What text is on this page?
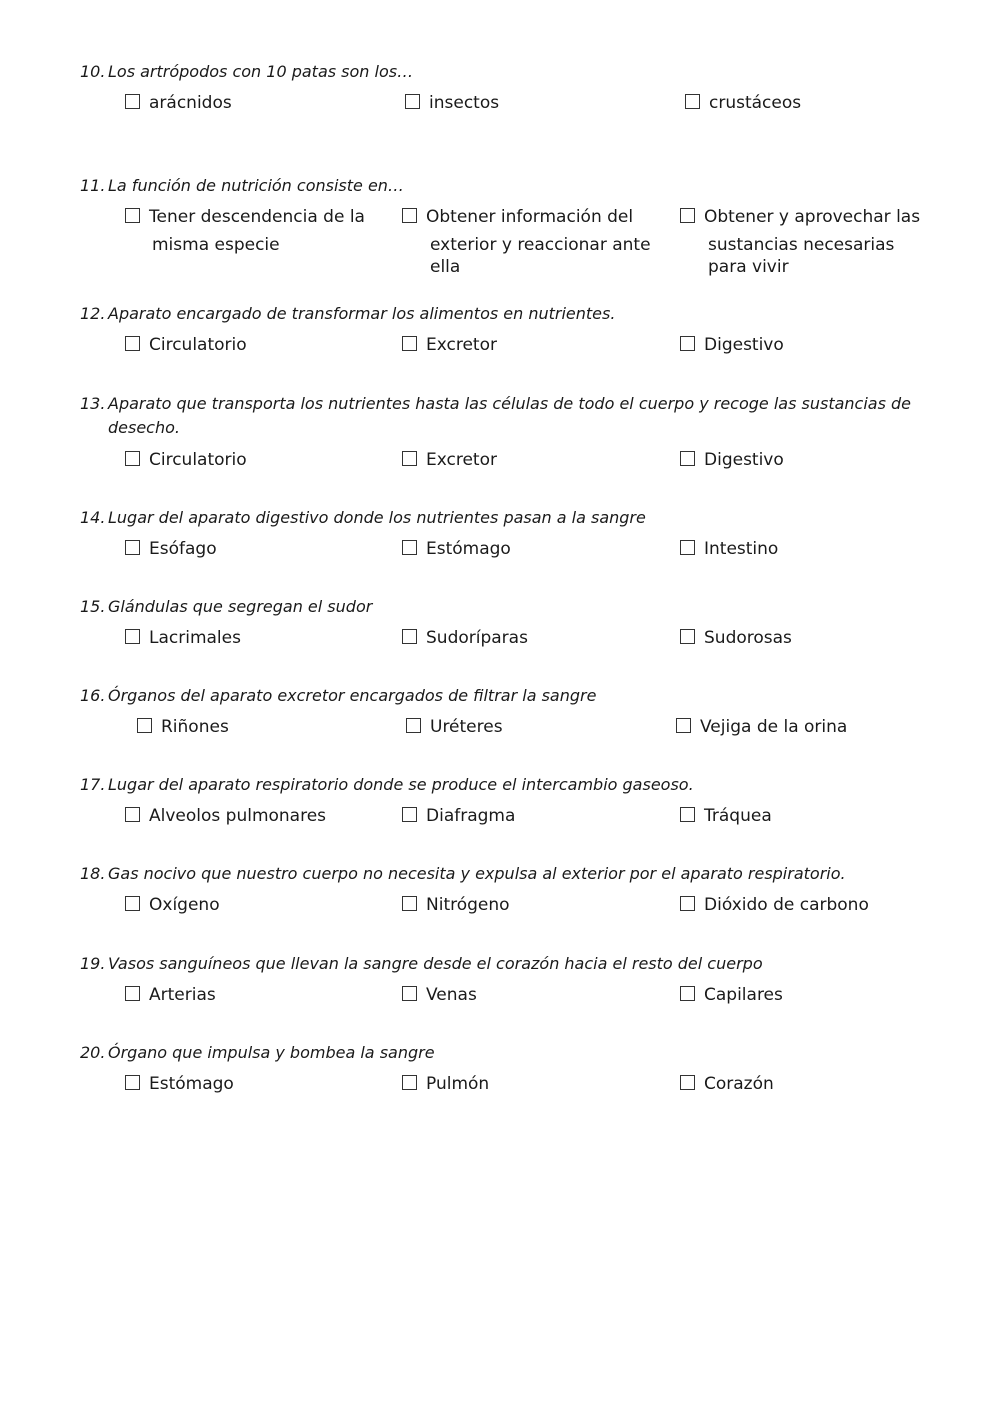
10. Los artrópodos con 10 patas son los…
arácnidos	insectos	crustáceos
11. La función de nutrición consiste en…
Tener descendencia de la
misma especie
Obtener información del
exterior y reaccionar ante
ella
Obtener y aprovechar las
sustancias necesarias
para vivir
12. Aparato encargado de transformar los alimentos en nutrientes.
Circulatorio	Excretor	Digestivo
13. Aparato que transporta los nutrientes hasta las células de todo el cuerpo y recoge las sustancias de
desecho.
Circulatorio	Excretor	Digestivo
14. Lugar del aparato digestivo donde los nutrientes pasan a la sangre
Esófago	Estómago	Intestino
15. Glándulas que segregan el sudor
Lacrimales	Sudoríparas	Sudorosas
16. Órganos del aparato excretor encargados de filtrar la sangre
Riñones	Uréteres	Vejiga de la orina
17. Lugar del aparato respiratorio donde se produce el intercambio gaseoso.
Alveolos pulmonares	Diafragma	Tráquea
18. Gas nocivo que nuestro cuerpo no necesita y expulsa al exterior por el aparato respiratorio.
Oxígeno	Nitrógeno	Dióxido de carbono
19. Vasos sanguíneos que llevan la sangre desde el corazón hacia el resto del cuerpo
Arterias	Venas	Capilares
20. Órgano que impulsa y bombea la sangre
Estómago	Pulmón	Corazón
